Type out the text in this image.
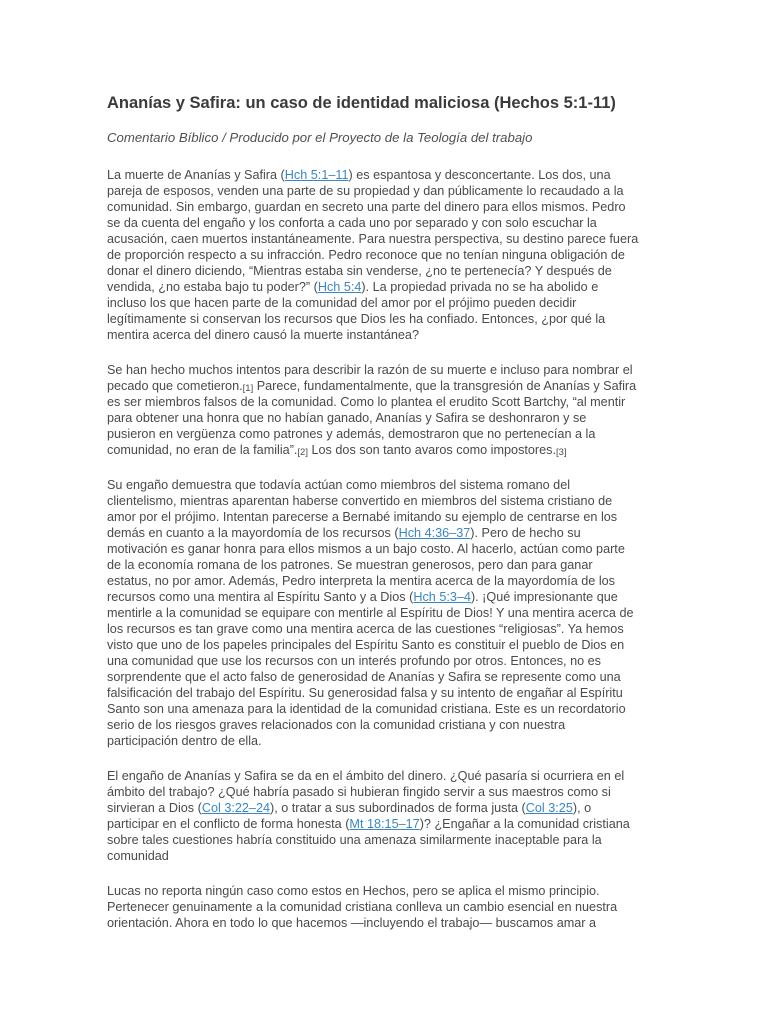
Ananías y Safira: un caso de identidad maliciosa (Hechos 5:1-11)
Comentario Bíblico / Producido por el Proyecto de la Teología del trabajo
La muerte de Ananías y Safira (Hch 5:1–11) es espantosa y desconcertante. Los dos, una
pareja de esposos, venden una parte de su propiedad y dan públicamente lo recaudado a la
comunidad. Sin embargo, guardan en secreto una parte del dinero para ellos mismos. Pedro
se da cuenta del engaño y los conforta a cada uno por separado y con solo escuchar la
acusación, caen muertos instantáneamente. Para nuestra perspectiva, su destino parece fuera
de proporción respecto a su infracción. Pedro reconoce que no tenían ninguna obligación de
donar el dinero diciendo, “Mientras estaba sin venderse, ¿no te pertenecía? Y después de
vendida, ¿no estaba bajo tu poder?” (Hch 5:4). La propiedad privada no se ha abolido e
incluso los que hacen parte de la comunidad del amor por el prójimo pueden decidir
legítimamente si conservan los recursos que Dios les ha confiado. Entonces, ¿por qué la
mentira acerca del dinero causó la muerte instantánea?
Se han hecho muchos intentos para describir la razón de su muerte e incluso para nombrar el
pecado que cometieron.[1] Parece, fundamentalmente, que la transgresión de Ananías y Safira
es ser miembros falsos de la comunidad. Como lo plantea el erudito Scott Bartchy, “al mentir
para obtener una honra que no habían ganado, Ananías y Safira se deshonraron y se
pusieron en vergüenza como patrones y además, demostraron que no pertenecían a la
comunidad, no eran de la familia”.[2] Los dos son tanto avaros como impostores.[3]
Su engaño demuestra que todavía actúan como miembros del sistema romano del
clientelismo, mientras aparentan haberse convertido en miembros del sistema cristiano de
amor por el prójimo. Intentan parecerse a Bernabé imitando su ejemplo de centrarse en los
demás en cuanto a la mayordomía de los recursos (Hch 4:36–37). Pero de hecho su
motivación es ganar honra para ellos mismos a un bajo costo. Al hacerlo, actúan como parte
de la economía romana de los patrones. Se muestran generosos, pero dan para ganar
estatus, no por amor. Además, Pedro interpreta la mentira acerca de la mayordomía de los
recursos como una mentira al Espíritu Santo y a Dios (Hch 5:3–4). ¡Qué impresionante que
mentirle a la comunidad se equipare con mentirle al Espíritu de Dios! Y una mentira acerca de
los recursos es tan grave como una mentira acerca de las cuestiones “religiosas”. Ya hemos
visto que uno de los papeles principales del Espíritu Santo es constituir el pueblo de Dios en
una comunidad que use los recursos con un interés profundo por otros. Entonces, no es
sorprendente que el acto falso de generosidad de Ananías y Safira se represente como una
falsificación del trabajo del Espíritu. Su generosidad falsa y su intento de engañar al Espíritu
Santo son una amenaza para la identidad de la comunidad cristiana. Este es un recordatorio
serio de los riesgos graves relacionados con la comunidad cristiana y con nuestra
participación dentro de ella.
El engaño de Ananías y Safira se da en el ámbito del dinero. ¿Qué pasaría si ocurriera en el
ámbito del trabajo? ¿Qué habría pasado si hubieran fingido servir a sus maestros como si
sirvieran a Dios (Col 3:22–24), o tratar a sus subordinados de forma justa (Col 3:25), o
participar en el conflicto de forma honesta (Mt 18:15–17)? ¿Engañar a la comunidad cristiana
sobre tales cuestiones habría constituido una amenaza similarmente inaceptable para la
comunidad
Lucas no reporta ningún caso como estos en Hechos, pero se aplica el mismo principio.
Pertenecer genuinamente a la comunidad cristiana conlleva un cambio esencial en nuestra
orientación. Ahora en todo lo que hacemos —incluyendo el trabajo— buscamos amar a
